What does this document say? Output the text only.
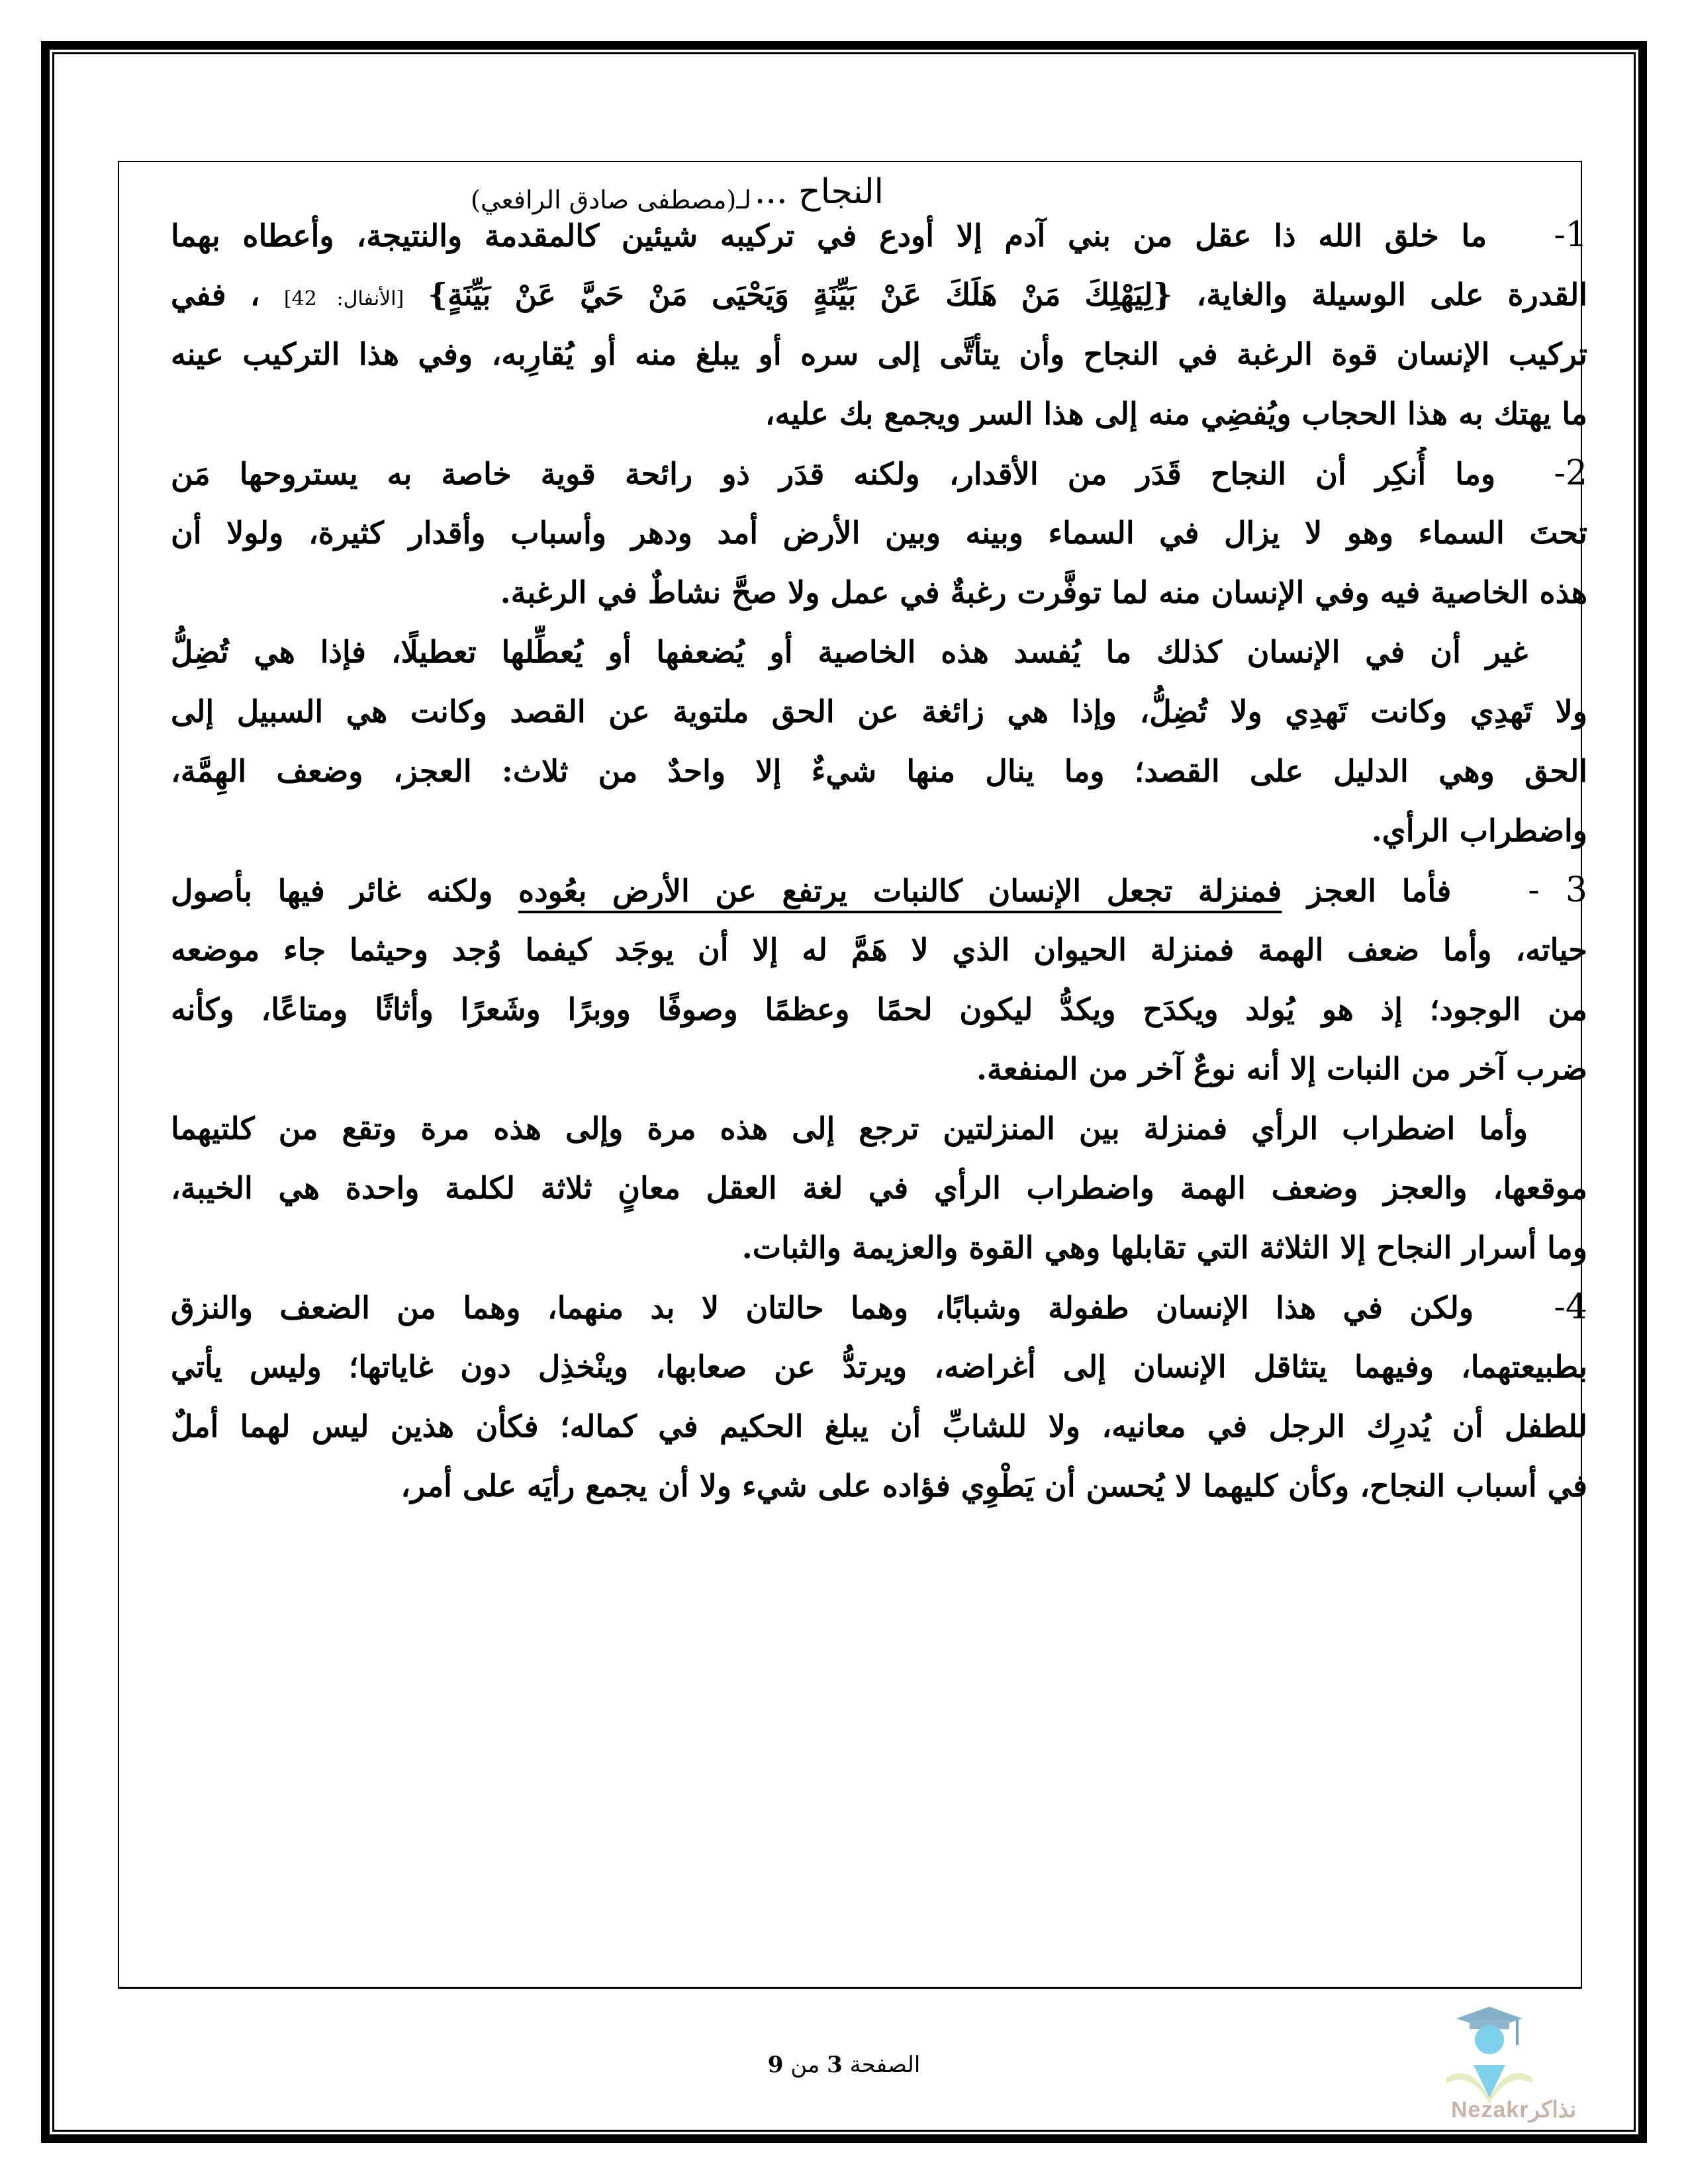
النجاح ...
لـ(مصطفى صادق الرافعي)
1-   ما خلق الله ذا عقل من بني آدم إلا أودع في تركيبه شيئين كالمقدمة والنتيجة، وأعطاه بهما
القدرة على الوسيلة والغاية، {لِيَهْلِكَ مَنْ هَلَكَ عَنْ بَيِّنَةٍ وَيَحْيَى مَنْ حَيَّ عَنْ بَيِّنَةٍ} [الأنفال: 42] ، ففي
تركيب الإنسان قوة الرغبة في النجاح وأن يتأتَّى إلى سره أو يبلغ منه أو يُقارِبه، وفي هذا التركيب عينه
ما يهتك به هذا الحجاب ويُفضِي منه إلى هذا السر ويجمع بك عليه،
2-  وما أُنكِر أن النجاح قَدَر من الأقدار، ولكنه قدَر ذو رائحة قوية خاصة به يستروحها مَن
تحتَ السماء وهو لا يزال في السماء وبينه وبين الأرض أمد ودهر وأسباب وأقدار كثيرة، ولولا أن
هذه الخاصية فيه وفي الإنسان منه لما توفَّرت رغبةٌ في عمل ولا صحَّ نشاطٌ في الرغبة.
غير أن في الإنسان كذلك ما يُفسد هذه الخاصية أو يُضعفها أو يُعطِّلها تعطيلًا، فإذا هي تُضِلُّ
ولا تَهدِي وكانت تَهدِي ولا تُضِلُّ، وإذا هي زائغة عن الحق ملتوية عن القصد وكانت هي السبيل إلى
الحق وهي الدليل على القصد؛ وما ينال منها شيءٌ إلا واحدٌ من ثلاث: العجز، وضعف الهِمَّة،
واضطراب الرأي.
3 -   فأما العجز فمنزلة تجعل الإنسان كالنبات يرتفع عن الأرض بعُوده ولكنه غائر فيها بأصول
حياته، وأما ضعف الهمة فمنزلة الحيوان الذي لا هَمَّ له إلا أن يوجَد كيفما وُجد وحيثما جاء موضعه
من الوجود؛ إذ هو يُولد ويكدَح ويكدُّ ليكون لحمًا وعظمًا وصوفًا ووبرًا وشَعرًا وأثاثًا ومتاعًا، وكأنه
ضرب آخر من النبات إلا أنه نوعٌ آخر من المنفعة.
وأما اضطراب الرأي فمنزلة بين المنزلتين ترجع إلى هذه مرة وإلى هذه مرة وتقع من كلتيهما
موقعها، والعجز وضعف الهمة واضطراب الرأي في لغة العقل معانٍ ثلاثة لكلمة واحدة هي الخيبة،
وما أسرار النجاح إلا الثلاثة التي تقابلها وهي القوة والعزيمة والثبات.
4-   ولكن في هذا الإنسان طفولة وشبابًا، وهما حالتان لا بد منهما، وهما من الضعف والنزق
بطبيعتهما، وفيهما يتثاقل الإنسان إلى أغراضه، ويرتدُّ عن صعابها، وينْخذِل دون غاياتها؛ وليس يأتي
للطفل أن يُدرِك الرجل في معانيه، ولا للشابِّ أن يبلغ الحكيم في كماله؛ فكأن هذين ليس لهما أملٌ
في أسباب النجاح، وكأن كليهما لا يُحسن أن يَطْوِي فؤاده على شيء ولا أن يجمع رأيَه على أمر،
الصفحة 3 من 9
Nezakrنذاكر
